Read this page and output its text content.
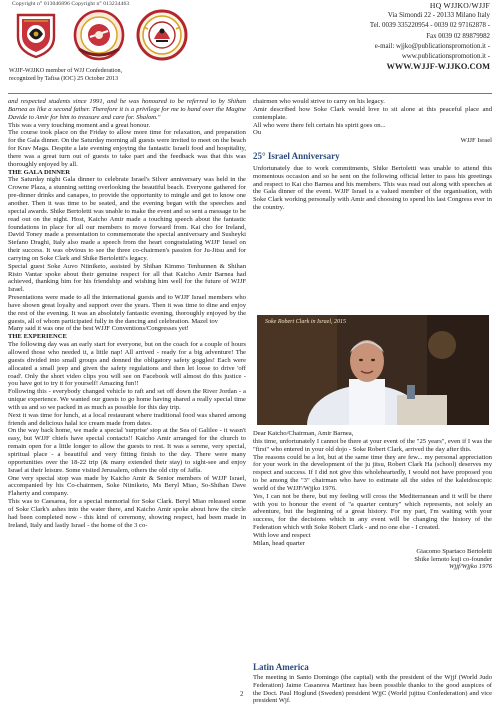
Copyright n° 013046896 Copyright n° 013234463
WJJF-WJJKO member of WJJ Confederation,
recognized by Tafisa (IOC) 25 October 2013
HQ WJJKO/WJJF
Via Simondi 22 - 20133 Milano Italy
Tel. 0039 335220954 - 0039 02 97162878 -
Fax 0039 02 89879982
e-mail: wjjko@publicationspromotion.it -
www.publicationspromotion.it -
WWW.WJJF-WJJKO.COM

and respected students since 1991, and he was honoured to be referred to by Shihan Barnea as like a second father. Therefore it is a privilege for me to hand over the Magine Davide to Amir for him to treasure and care for. Shalom."

This was a very touching moment and a great honour.

The course took place on the Friday to allow more time for relaxation, and preparation for the Gala dinner. On the Saturday morning all guests were invited to meet on the beach for Krav Maga. Despite a late evening enjoying the fantastic Israeli food and hospitality, there was a great turn out of guests to take part and the feedback was that this was thoroughly enjoyed by all.

THE GALA DINNER

The Saturday night Gala dinner to celebrate Israel's Silver anniversary was held in the Crowne Plaza, a stunning setting overlooking the beautiful beach. Everyone gathered for pre-dinner drinks and canapes, to provide the opportunity to mingle and get to know one another. Then it was time to be seated, and the evening began with the speeches and special awards. Shike Bertoletti was unable to make the event and so sent a message to be read out on the night. Host, Kaicho Amir made a touching speech about the fantastic foundations in place for all our members to move forward from. Kai cho for Ireland, David Toney made a presentation to commemorate the special anniversary and Susheyki Stefano Draghi, Italy also made a speech from the heart congratulating WJJF Israel on their success. It was obvious to see the three co-chairmen's passion for Ju-Jitsu and for carrying on Soke Clark and Shike Bertoletti's legacy.

Special guest Soke Auvo Niiniketo, assisted by Shihan Kimmo Tenhunnen & Shihan Risto Vantar spoke about their genuine respect for all that Kaicho Amir Barnea had achieved, thanking him for his friendship and wishing him well for the future of WJJF Israel.

Presentations were made to all the international guests and to WJJF Israel members who have shown great loyalty and support over the years. Then it was time to dine and enjoy the rest of the evening. It was an absolutely fantastic evening, thoroughly enjoyed by the guests, all of whom participated fully in the dancing and celebration. Mazel tov

Many said it was one of the best WJJF Conventions/Congresses yet!

THE EXPERIENCE

The following day was an early start for everyone, but on the coach for a couple of hours allowed those who needed it, a little nap! All arrived - ready for a big adventure! The guests divided into small groups and donned the obligatory safety goggles! Each were allocated a small jeep and given the safety regulations and then let loose to drive 'off road'. Only the short video clips you will see on Facebook will almost do this justice - you have got to try it for yourself! Amazing fun!!

Following this - everybody changed vehicle to raft and set off down the River Jordan - a unique experience. We wanted our guests to go home having shared a really special time with us and so we packed in as much as possible for this day trip.

Next it was time for lunch, at a local restaurant where traditional food was shared among friends and delicious halal ice cream made from dates.

On the way back home, we made a special 'surprise' stop at the Sea of Galilee - it wasn't easy, but WJJF chiefs have special contacts!! Kaicho Amir arranged for the church to remain open for a little longer to allow the guests to rest. It was a serene, very special, spiritual place - a beautiful and very fitting finish to the day. There were many opportunities over the 18-22 trip (& many extended their stay) to sight-see and enjoy Israel at their leisure. Some visited Jerusalem, others the old city of Jaffa.

One very special stop was made by Kaicho Amir & Senior members of WJJF Israel, accompanied by his Co-chairmen, Soke Niiniketo, Ms Beryl Miao, So-Shihan Dave Flaherty and company.

This was to Caesarea, for a special memorial for Soke Clark. Beryl Miao released some of Soke Clark's ashes into the water there, and Kaicho Amir spoke about how the circle had been completed now - this kind of ceremony, showing respect, had been made in Ireland, Italy and lastly Israel - the home of the 3 co-

chairmen who would strive to carry on his legacy.

Amir described how Soke Clark would love to sit alone at this peaceful place and contemplate.

All who were there felt certain his spirit goes on...

Ou

WJJF Israel

25° Israel Anniversary

Unfortunately due to work commitments, Shike Bertoletti was unable to attend this momentous occasion and so he sent on the following official letter to pass his greetings and respect to Kai cho Barnea and his members. This was read out along with speeches at the Gala dinner of the event. WJJF Israel is a valued member of the organisation, with Soke Clark working personally with Amir and choosing to spend his last Congress ever in the country.

Soke Robert Clark in Israel, 2015

Dear Kaicho/Chairman, Amir Barnea,

this time, unfortunately I cannot be there at your event of the "25 years", even if I was the "first" who entered in your old dojo - Soke Robert Clark, arrived the day after this.

The reasons could be a lot, but at the same time they are few... my personal appreciation for your work in the development of the ju jitsu, Robert Clark Ha (school) deserves my respect and success. If I did not give this wholeheartedly, I would not have proposed you to be among the "3" chairman who have to estimate all the sides of the kaleidoscopic world of the WJJF/Wjjko 1976.

Yes, I can not be there, but my feeling will cross the Mediterranean and it will be there with you to honour the event of "a quarter century" which represents, not solely an adventure, but the beginning of a great history. For my part, I'm waiting with your success, for the decisions which in any event will be changing the history of the Federation which with Soke Robert Clark - and no one else - I created.

With love and respect

Milan, head quarter

Giacomo Spartaco Bertoletti

Shike lemoto kuji co-founder

Wjjf/Wjjko 1976

Latin America

The meeting in Santo Domingo (the capital) with the president of the Wjjf (World Judo Federation) Jaime Casanova Martinez has been possible thanks to the good auspices of the Doct. Paul Hoglund (Sweden) president WjjC (World jujitsu Confederation) and vice president Wjf.

2
